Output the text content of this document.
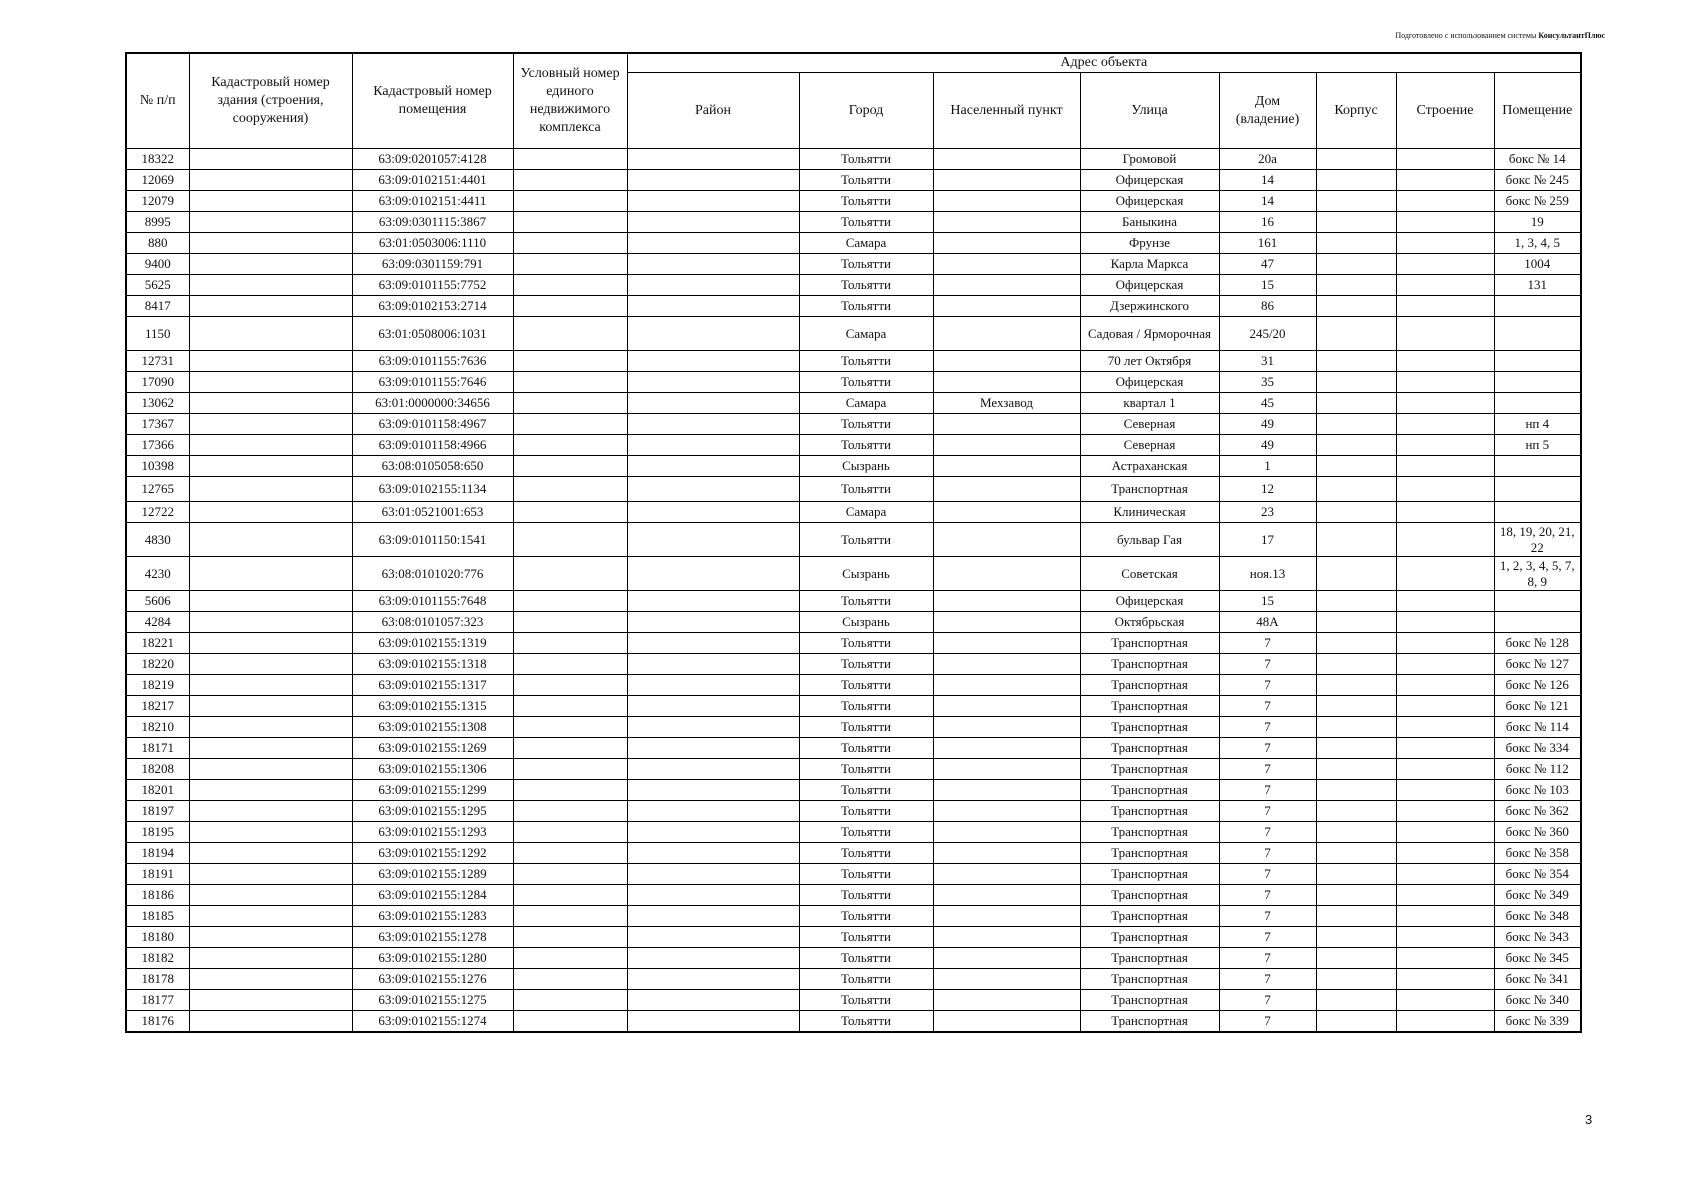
Подготовлено с использованием системы КонсультантПлюс
№ п/п	Кадастровый номер здания (строения, сооружения)	Кадастровый номер помещения	Условный номер единого недвижимого комплекса	Адрес объекта							
				Район	Город	Населенный пункт	Улица	Дом (владение)	Корпус	Строение	Помещение
18322		63:09:0201057:4128			Тольятти		Громовой	20а			бокс № 14
12069		63:09:0102151:4401			Тольятти		Офицерская	14			бокс № 245
12079		63:09:0102151:4411			Тольятти		Офицерская	14			бокс № 259
8995		63:09:0301115:3867			Тольятти		Баныкина	16			19
880		63:01:0503006:1110			Самара		Фрунзе	161			1, 3, 4, 5
9400		63:09:0301159:791			Тольятти		Карла Маркса	47			1004
5625		63:09:0101155:7752			Тольятти		Офицерская	15			131
8417		63:09:0102153:2714			Тольятти		Дзержинского	86			
1150		63:01:0508006:1031			Самара		Садовая / Ярморочная	245/20			
12731		63:09:0101155:7636			Тольятти		70 лет Октября	31			
17090		63:09:0101155:7646			Тольятти		Офицерская	35			
13062		63:01:0000000:34656			Самара	Мехзавод	квартал 1	45			
17367		63:09:0101158:4967			Тольятти		Северная	49			нп 4
17366		63:09:0101158:4966			Тольятти		Северная	49			нп 5
10398		63:08:0105058:650			Сызрань		Астраханская	1			
12765		63:09:0102155:1134			Тольятти		Транспортная	12			
12722		63:01:0521001:653			Самара		Клиническая	23			
4830		63:09:0101150:1541			Тольятти		бульвар Гая	17			18, 19, 20, 21, 22
4230		63:08:0101020:776			Сызрань		Советская	ноя.13			1, 2, 3, 4, 5, 7, 8, 9
5606		63:09:0101155:7648			Тольятти		Офицерская	15			
4284		63:08:0101057:323			Сызрань		Октябрьская	48А			
18221		63:09:0102155:1319			Тольятти		Транспортная	7			бокс № 128
18220		63:09:0102155:1318			Тольятти		Транспортная	7			бокс № 127
18219		63:09:0102155:1317			Тольятти		Транспортная	7			бокс № 126
18217		63:09:0102155:1315			Тольятти		Транспортная	7			бокс № 121
18210		63:09:0102155:1308			Тольятти		Транспортная	7			бокс № 114
18171		63:09:0102155:1269			Тольятти		Транспортная	7			бокс № 334
18208		63:09:0102155:1306			Тольятти		Транспортная	7			бокс № 112
18201		63:09:0102155:1299			Тольятти		Транспортная	7			бокс № 103
18197		63:09:0102155:1295			Тольятти		Транспортная	7			бокс № 362
18195		63:09:0102155:1293			Тольятти		Транспортная	7			бокс № 360
18194		63:09:0102155:1292			Тольятти		Транспортная	7			бокс № 358
18191		63:09:0102155:1289			Тольятти		Транспортная	7			бокс № 354
18186		63:09:0102155:1284			Тольятти		Транспортная	7			бокс № 349
18185		63:09:0102155:1283			Тольятти		Транспортная	7			бокс № 348
18180		63:09:0102155:1278			Тольятти		Транспортная	7			бокс № 343
18182		63:09:0102155:1280			Тольятти		Транспортная	7			бокс № 345
18178		63:09:0102155:1276			Тольятти		Транспортная	7			бокс № 341
18177		63:09:0102155:1275			Тольятти		Транспортная	7			бокс № 340
18176		63:09:0102155:1274			Тольятти		Транспортная	7			бокс № 339
3
